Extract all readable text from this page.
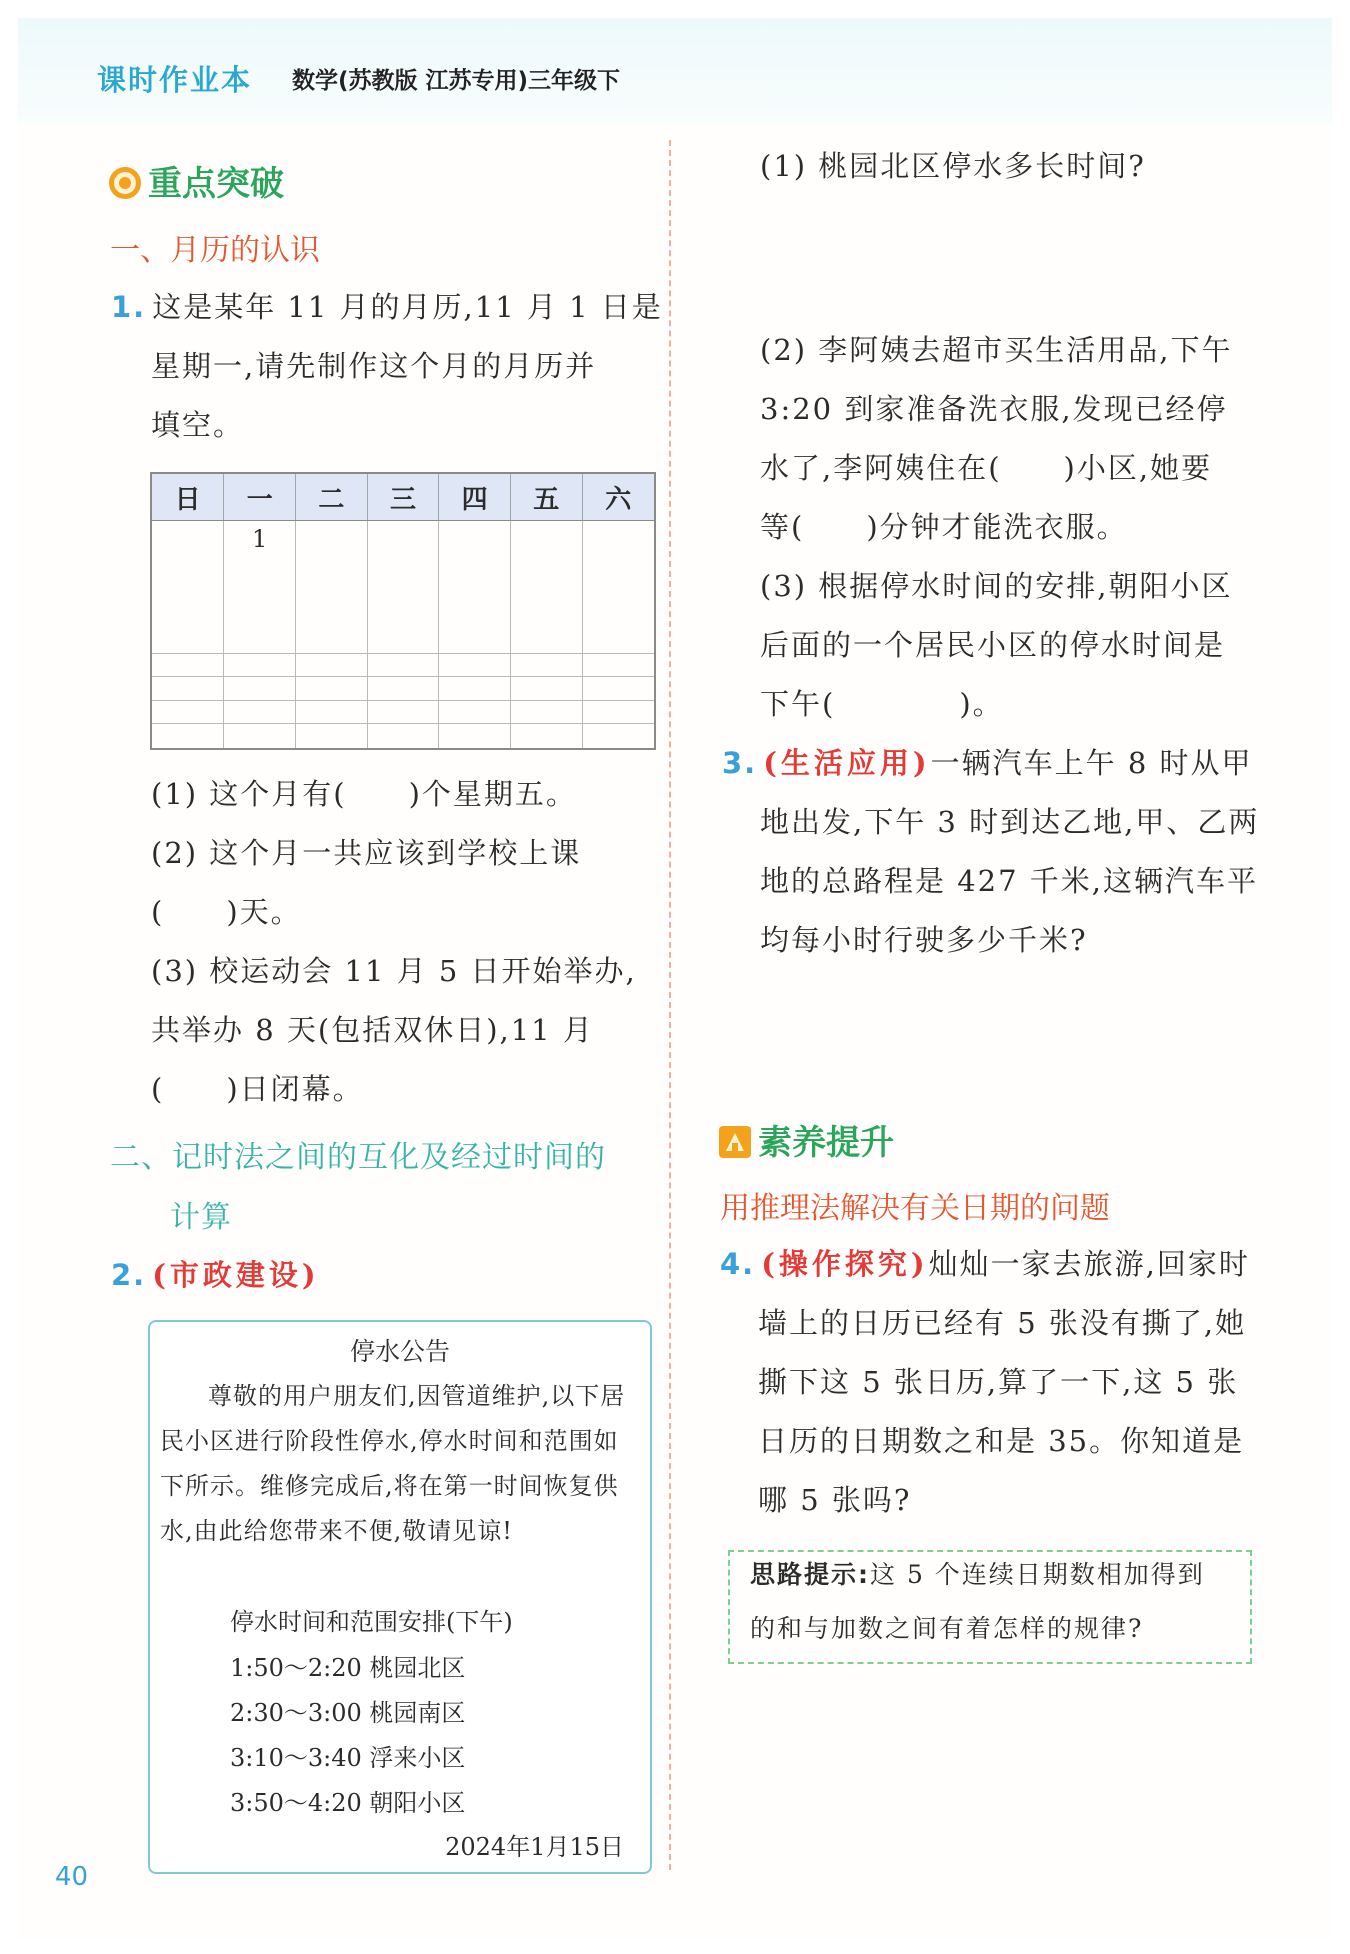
课时作业本 数学(苏教版 江苏专用)三年级下
重点突破
一、月历的认识
1. 这是某年 11 月的月历,11 月 1 日是
星期一,请先制作这个月的月历并
填空。
日	一	二	三	四	五	六
	1					

(1) 这个月有(　　)个星期五。
(2) 这个月一共应该到学校上课
(　　)天。
(3) 校运动会 11 月 5 日开始举办,
共举办 8 天(包括双休日),11 月
(　　)日闭幕。
二、记时法之间的互化及经过时间的
计算
2. (市政建设)
停水公告
尊敬的用户朋友们,因管道维护,以下居民小区进行阶段性停水,停水时间和范围如下所示。维修完成后,将在第一时间恢复供水,由此给您带来不便,敬请见谅!
停水时间和范围安排(下午)
1:50～2:20 桃园北区
2:30～3:00 桃园南区
3:10～3:40 浮来小区
3:50～4:20 朝阳小区
2024年1月15日
(1) 桃园北区停水多长时间?
(2) 李阿姨去超市买生活用品,下午
3:20 到家准备洗衣服,发现已经停
水了,李阿姨住在(　　)小区,她要
等(　　)分钟才能洗衣服。
(3) 根据停水时间的安排,朝阳小区
后面的一个居民小区的停水时间是
下午(　　　　)。
3. (生活应用)一辆汽车上午 8 时从甲
地出发,下午 3 时到达乙地,甲、乙两
地的总路程是 427 千米,这辆汽车平
均每小时行驶多少千米?
素养提升
用推理法解决有关日期的问题
4. (操作探究)灿灿一家去旅游,回家时
墙上的日历已经有 5 张没有撕了,她
撕下这 5 张日历,算了一下,这 5 张
日历的日期数之和是 35。你知道是
哪 5 张吗?
思路提示:这 5 个连续日期数相加得到
的和与加数之间有着怎样的规律?
40
